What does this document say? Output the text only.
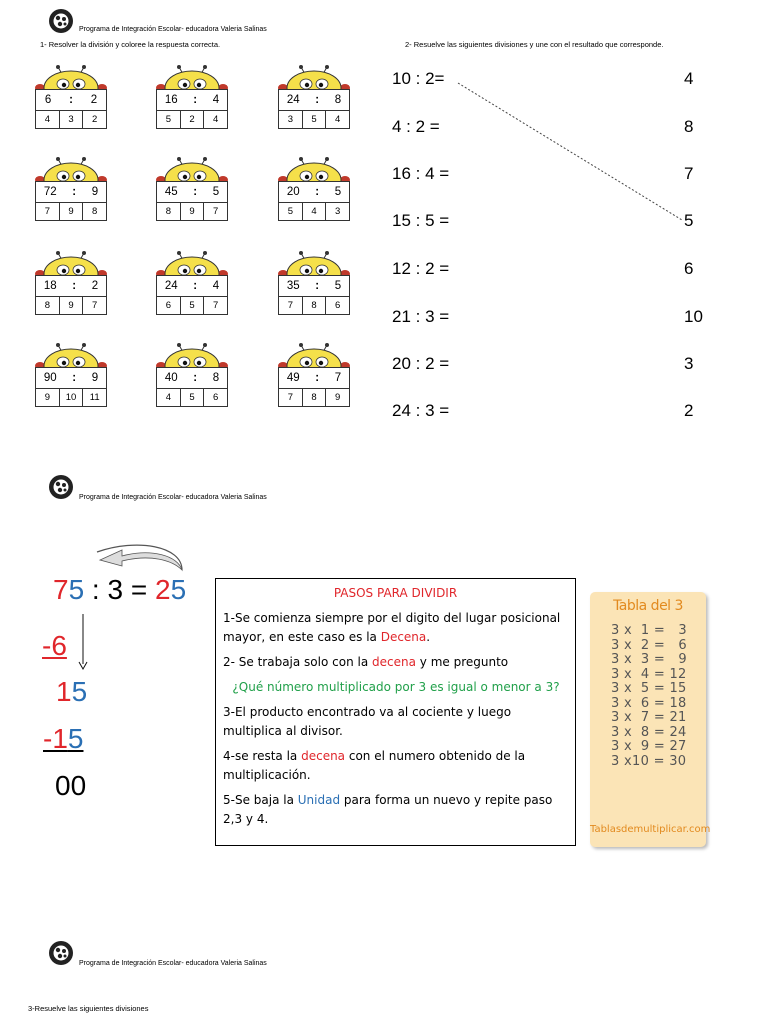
Programa de Integración Escolar- educadora Valeria Salinas
1- Resolver la división y coloree la respuesta correcta.	2- Resuelve las siguientes divisiones y une con el resultado que corresponde.
6 : 2
4	3	2
16 : 4
5	2	4
24 : 8
3	5	4
72 : 9
7	9	8
45 : 5
8	9	7
20 : 5
5	4	3
18 : 2
8	9	7
24 : 4
6	5	7
35 : 5
7	8	6
90 : 9
9	10	11
40 : 8
4	5	6
49 : 7
7	8	9
10 : 2=
4 : 2 =
16 : 4 =
15 : 5 =
12 : 2 =
21 : 3 =
20 : 2 =
24 : 3 =
4
8
7
5
6
10
3
2
Programa de Integración Escolar- educadora Valeria Salinas
75 : 3 = 25
-6
15
-15
00
PASOS PARA DIVIDIR

1-Se comienza siempre por el digito del lugar posicional mayor, en este caso es la Decena.

2- Se trabaja solo con la decena y me pregunto

¿Qué número multiplicado por 3 es igual o menor a 3?

3-El producto encontrado va al cociente y luego multiplica al divisor.

4-se resta la decena con el numero obtenido de la multiplicación.

5-Se baja la Unidad para forma un nuevo y repite paso 2,3 y 4.

Tabla del 3
3 x  1 =   3
3 x  2 =   6
3 x  3 =   9
3 x  4 = 12
3 x  5 = 15
3 x  6 = 18
3 x  7 = 21
3 x  8 = 24
3 x  9 = 27
3 x10 = 30
Tablasdemultiplicar.com
Programa de Integración Escolar- educadora Valeria Salinas
3-Resuelve las siguientes divisiones
